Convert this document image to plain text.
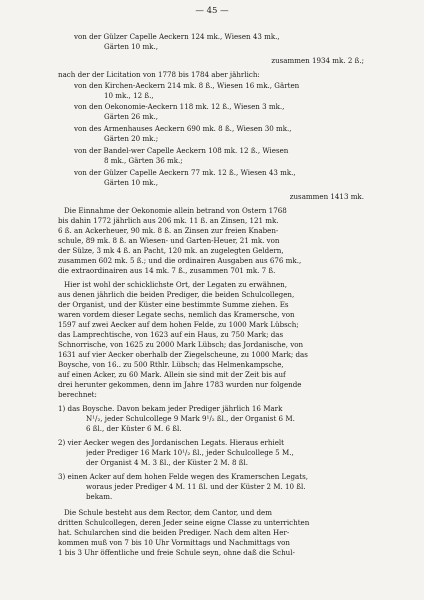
— 45 —
von der Gülzer Capelle Aeckern 124 mk., Wiesen 43 mk.,
Gärten 10 mk.,
zusammen 1934 mk. 2 ß.;
nach der der Licitation von 1778 bis 1784 aber jährlich:
von den Kirchen-Aeckern 214 mk. 8 ß., Wiesen 16 mk., Gärten
10 mk., 12 ß.,
von den Oekonomie-Aeckern 118 mk. 12 ß., Wiesen 3 mk.,
Gärten 26 mk.,
von des Armenhauses Aeckern 690 mk. 8 ß., Wiesen 30 mk.,
Gärten 20 mk.;
von der Bandel-wer Capelle Aeckern 108 mk. 12 ß., Wiesen
8 mk., Gärten 36 mk.;
von der Gülzer Capelle Aeckern 77 mk. 12 ß., Wiesen 43 mk.,
Gärten 10 mk.,
zusammen 1413 mk.
Die Einnahme der Oekonomie allein betrand von Ostern 1768
bis dahin 1772 jährlich aus 206 mk. 11 ß. an Zinsen, 121 mk.
6 ß. an Ackerheuer, 90 mk. 8 ß. an Zinsen zur freien Knaben-
schule, 89 mk. 8 ß. an Wiesen- und Garten-Heuer, 21 mk. von
der Sülze, 3 mk 4 ß. an Pacht, 120 mk. an zugelegten Geldern,
zusammen 602 mk. 5 ß.; und die ordinairen Ausgaben aus 676 mk.,
die extraordinairen aus 14 mk. 7 ß., zusammen 701 mk. 7 ß.
Hier ist wohl der schicklichste Ort, der Legaten zu erwähnen,
aus denen jährlich die beiden Prediger, die beiden Schulcollegen,
der Organist, und der Küster eine bestimmte Summe ziehen. Es
waren vordem dieser Legate sechs, nemlich das Kramersche, von
1597 auf zwei Aecker auf dem hohen Felde, zu 1000 Mark Lübsch;
das Lamprechtische, von 1623 auf ein Haus, zu 750 Mark; das
Schnorrische, von 1625 zu 2000 Mark Lübsch; das Jordanische, von
1631 auf vier Aecker oberhalb der Ziegelscheune, zu 1000 Mark; das
Boysche, von 16.. zu 500 Rthlr. Lübsch; das Helmenkampsche,
auf einen Acker, zu 60 Mark. Allein sie sind mit der Zeit bis auf
drei herunter gekommen, denn im Jahre 1783 wurden nur folgende
berechnet:
1) das Boysche. Davon bekam jeder Prediger jährlich 16 Mark
N¹/₂, jeder Schulcollege 9 Mark 9¹/₂ ßl., der Organist 6 M.
6 ßl., der Küster 6 M. 6 ßl.
2) vier Aecker wegen des Jordanischen Legats. Hieraus erhielt
jeder Prediger 16 Mark 10¹/₂ ßl., jeder Schulcollege 5 M.,
der Organist 4 M. 3 ßl., der Küster 2 M. 8 ßl.
3) einen Acker auf dem hohen Felde wegen des Kramerschen Legats,
woraus jeder Prediger 4 M. 11 ßl. und der Küster 2 M. 10 ßl.
bekam.
Die Schule besteht aus dem Rector, dem Cantor, und dem
dritten Schulcollegen, deren Jeder seine eigne Classe zu unterrichten
hat. Schularchen sind die beiden Prediger. Nach dem alten Her-
kommen muß von 7 bis 10 Uhr Vormittags und Nachmittags von
1 bis 3 Uhr öffentliche und freie Schule seyn, ohne daß die Schul-
